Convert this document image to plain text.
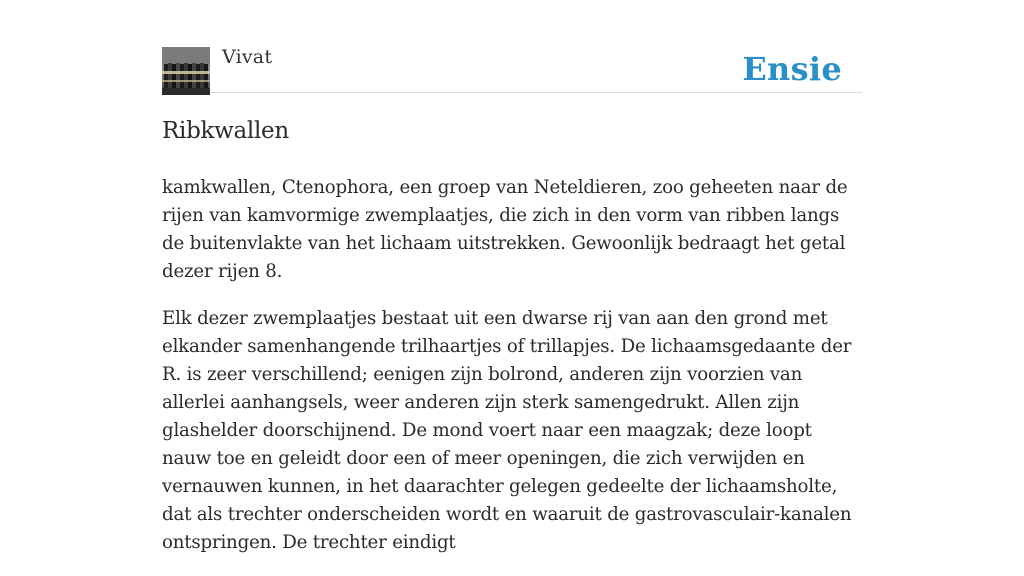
Vivat	Ensie
Ribkwallen

kamkwallen, Ctenophora, een groep van Neteldieren, zoo geheeten naar de rijen van kamvormige zwemplaatjes, die zich in den vorm van ribben langs de buitenvlakte van het lichaam uitstrekken. Gewoonlijk bedraagt het getal dezer rijen 8.

Elk dezer zwemplaatjes bestaat uit een dwarse rij van aan den grond met elkander samenhangende trilhaartjes of trillapjes. De lichaamsgedaante der R. is zeer verschillend; eenigen zijn bolrond, anderen zijn voorzien van allerlei aanhangsels, weer anderen zijn sterk samengedrukt. Allen zijn glashelder doorschijnend. De mond voert naar een maagzak; deze loopt nauw toe en geleidt door een of meer openingen, die zich verwijden en vernauwen kunnen, in het daarachter gelegen gedeelte der lichaamsholte, dat als trechter onderscheiden wordt en waaruit de gastrovasculair-kanalen ontspringen. De trechter eindigt
